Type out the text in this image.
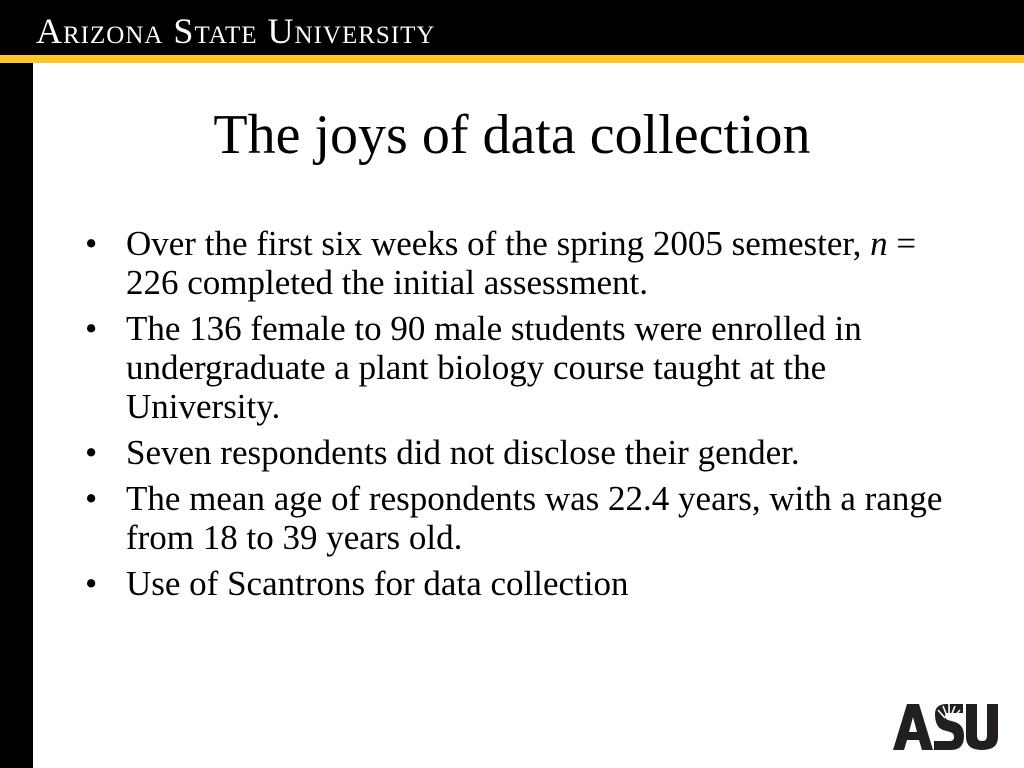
Arizona State University
The joys of data collection
• Over the first six weeks of the spring 2005 semester, n = 226 completed the initial assessment.
• The 136 female to 90 male students were enrolled in undergraduate a plant biology course taught at the University.
• Seven respondents did not disclose their gender.
• The mean age of respondents was 22.4 years, with a range from 18 to 39 years old.
• Use of Scantrons for data collection
